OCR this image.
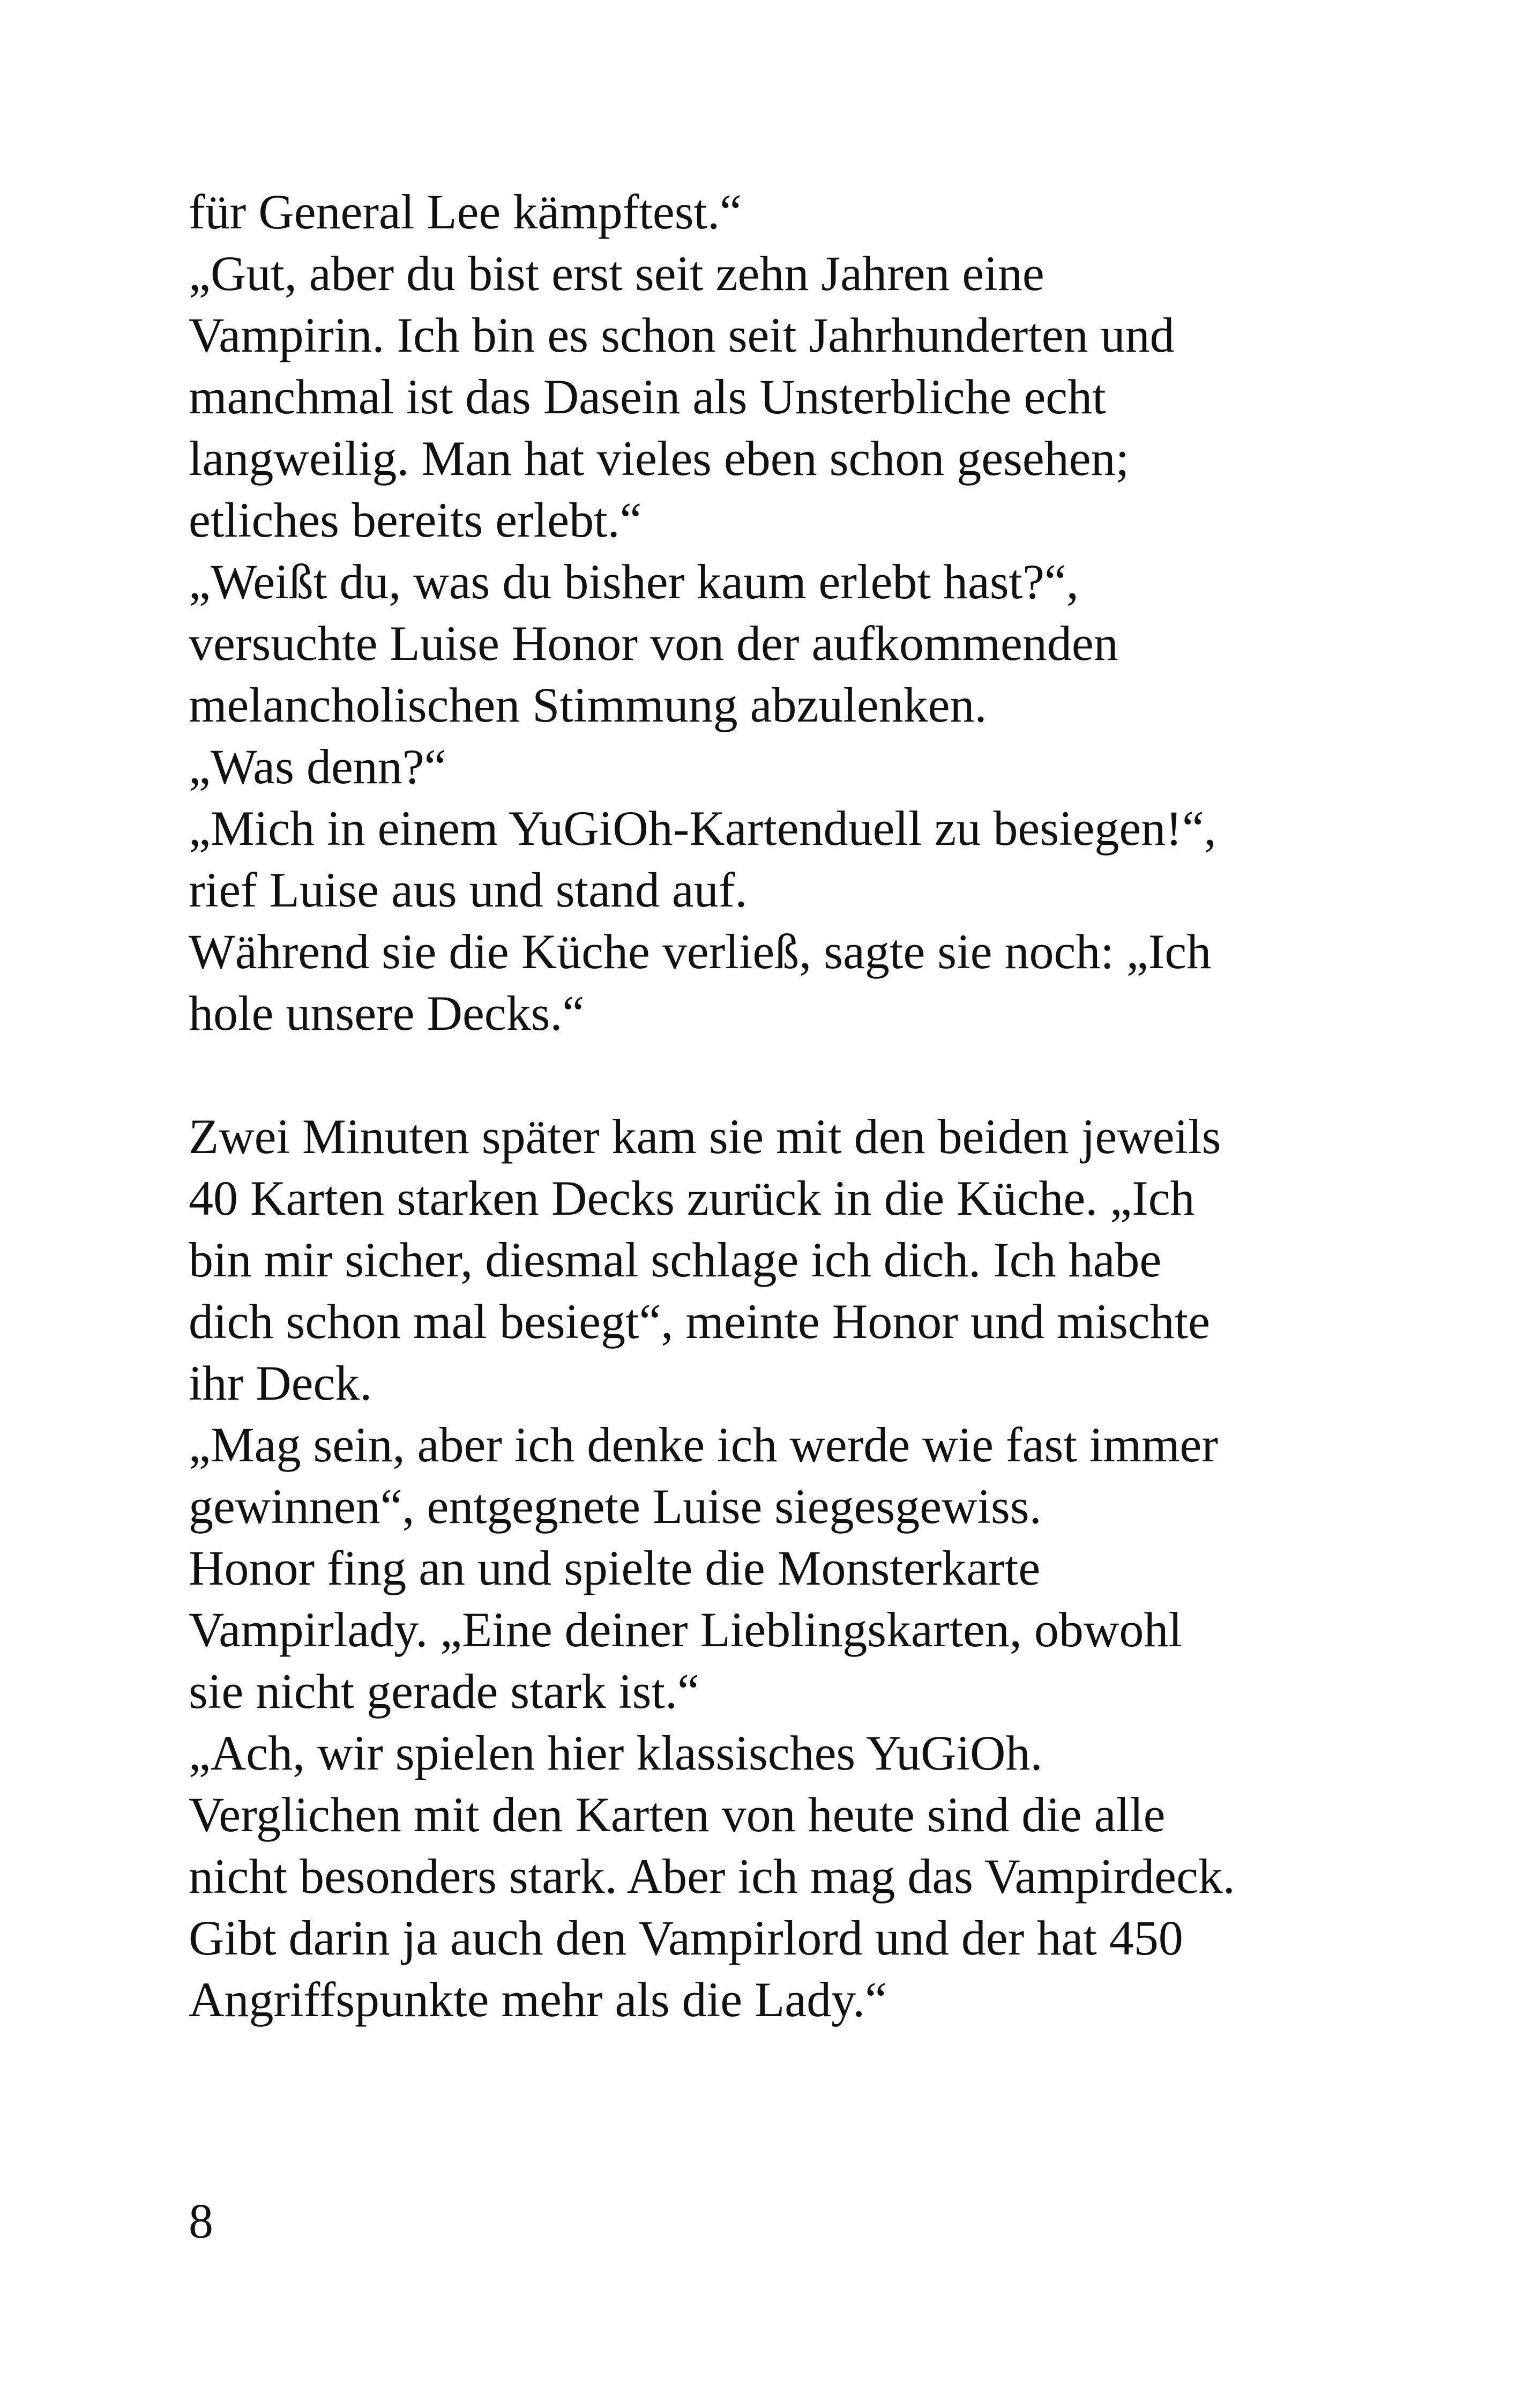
für General Lee kämpftest.“
„Gut, aber du bist erst seit zehn Jahren eine
Vampirin. Ich bin es schon seit Jahrhunderten und
manchmal ist das Dasein als Unsterbliche echt
langweilig. Man hat vieles eben schon gesehen;
etliches bereits erlebt.“
„Weißt du, was du bisher kaum erlebt hast?“,
versuchte Luise Honor von der aufkommenden
melancholischen Stimmung abzulenken.
„Was denn?“
„Mich in einem YuGiOh-Kartenduell zu besiegen!“,
rief Luise aus und stand auf.
Während sie die Küche verließ, sagte sie noch: „Ich
hole unsere Decks.“
Zwei Minuten später kam sie mit den beiden jeweils
40 Karten starken Decks zurück in die Küche. „Ich
bin mir sicher, diesmal schlage ich dich. Ich habe
dich schon mal besiegt“, meinte Honor und mischte
ihr Deck.
„Mag sein, aber ich denke ich werde wie fast immer
gewinnen“, entgegnete Luise siegesgewiss.
Honor fing an und spielte die Monsterkarte
Vampirlady. „Eine deiner Lieblingskarten, obwohl
sie nicht gerade stark ist.“
„Ach, wir spielen hier klassisches YuGiOh.
Verglichen mit den Karten von heute sind die alle
nicht besonders stark. Aber ich mag das Vampirdeck.
Gibt darin ja auch den Vampirlord und der hat 450
Angriffspunkte mehr als die Lady.“
8
